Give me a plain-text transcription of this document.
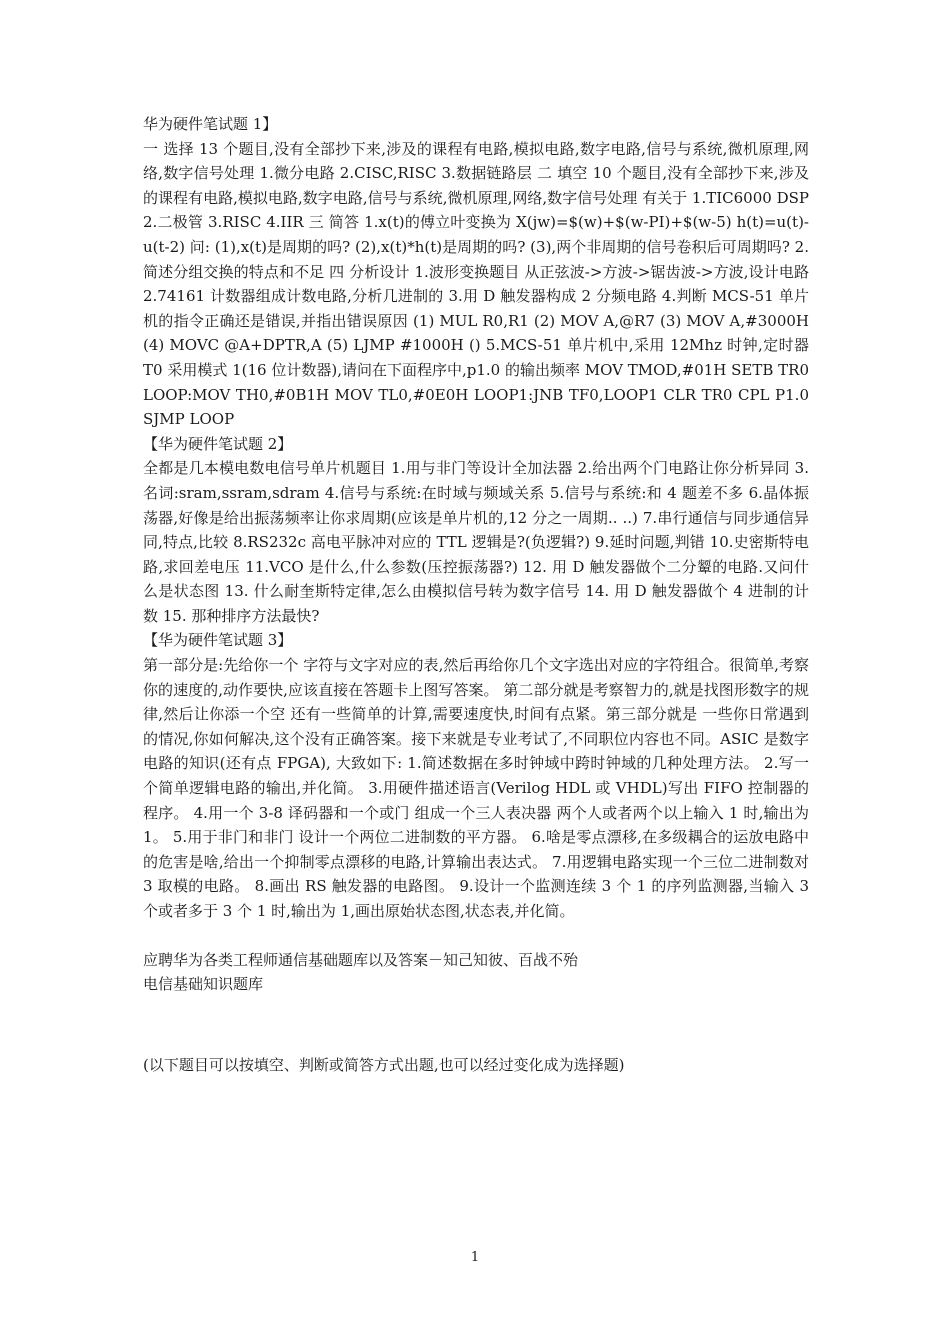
华为硬件笔试题 1】

一 选择 13 个题目,没有全部抄下来,涉及的课程有电路,模拟电路,数字电路,信号与系统,微机原理,网络,数字信号处理 1.微分电路 2.CISC,RISC 3.数据链路层 二 填空 10 个题目,没有全部抄下来,涉及的课程有电路,模拟电路,数字电路,信号与系统,微机原理,网络,数字信号处理 有关于 1.TIC6000 DSP 2.二极管 3.RISC 4.IIR 三 简答 1.x(t)的傅立叶变换为 X(jw)=$(w)+$(w-PI)+$(w-5) h(t)=u(t)-u(t-2) 问: (1),x(t)是周期的吗? (2),x(t)*h(t)是周期的吗? (3),两个非周期的信号卷积后可周期吗? 2.简述分组交换的特点和不足 四 分析设计 1.波形变换题目 从正弦波->方波->锯齿波->方波,设计电路 2.74161 计数器组成计数电路,分析几进制的 3.用 D 触发器构成 2 分频电路 4.判断 MCS-51 单片机的指令正确还是错误,并指出错误原因 (1) MUL R0,R1 (2) MOV A,@R7 (3) MOV A,#3000H (4) MOVC @A+DPTR,A (5) LJMP #1000H () 5.MCS-51 单片机中,采用 12Mhz 时钟,定时器 T0 采用模式 1(16 位计数器),请问在下面程序中,p1.0 的输出频率 MOV TMOD,#01H SETB TR0 LOOP:MOV TH0,#0B1H MOV TL0,#0E0H LOOP1:JNB TF0,LOOP1 CLR TR0 CPL P1.0 SJMP LOOP

【华为硬件笔试题 2】

全都是几本模电数电信号单片机题目 1.用与非门等设计全加法器 2.给出两个门电路让你分析异同 3.名词:sram,ssram,sdram 4.信号与系统:在时域与频域关系 5.信号与系统:和 4 题差不多 6.晶体振荡器,好像是给出振荡频率让你求周期(应该是单片机的,12 分之一周期.. ..) 7.串行通信与同步通信异同,特点,比较 8.RS232c 高电平脉冲对应的 TTL 逻辑是?(负逻辑?) 9.延时问题,判错 10.史密斯特电路,求回差电压 11.VCO 是什么,什么参数(压控振荡器?) 12. 用 D 触发器做个二分颦的电路.又问什么是状态图 13. 什么耐奎斯特定律,怎么由模拟信号转为数字信号 14. 用 D 触发器做个 4 进制的计数 15. 那种排序方法最快?

【华为硬件笔试题 3】

第一部分是:先给你一个 字符与文字对应的表,然后再给你几个文字选出对应的字符组合。很简单,考察你的速度的,动作要快,应该直接在答题卡上图写答案。 第二部分就是考察智力的,就是找图形数字的规律,然后让你添一个空 还有一些简单的计算,需要速度快,时间有点紧。第三部分就是 一些你日常遇到的情况,你如何解决,这个没有正确答案。接下来就是专业考试了,不同职位内容也不同。ASIC 是数字电路的知识(还有点 FPGA), 大致如下: 1.简述数据在多时钟域中跨时钟域的几种处理方法。 2.写一个简单逻辑电路的输出,并化简。 3.用硬件描述语言(Verilog HDL 或 VHDL)写出 FIFO 控制器的程序。 4.用一个 3-8 译码器和一个或门 组成一个三人表决器 两个人或者两个以上输入 1 时,输出为 1。 5.用于非门和非门 设计一个两位二进制数的平方器。 6.啥是零点漂移,在多级耦合的运放电路中的危害是啥,给出一个抑制零点漂移的电路,计算输出表达式。 7.用逻辑电路实现一个三位二进制数对 3 取模的电路。 8.画出 RS 触发器的电路图。 9.设计一个监测连续 3 个 1 的序列监测器,当输入 3 个或者多于 3 个 1 时,输出为 1,画出原始状态图,状态表,并化简。

应聘华为各类工程师通信基础题库以及答案－知己知彼、百战不殆

电信基础知识题库

(以下题目可以按填空、判断或简答方式出题,也可以经过变化成为选择题)

1
